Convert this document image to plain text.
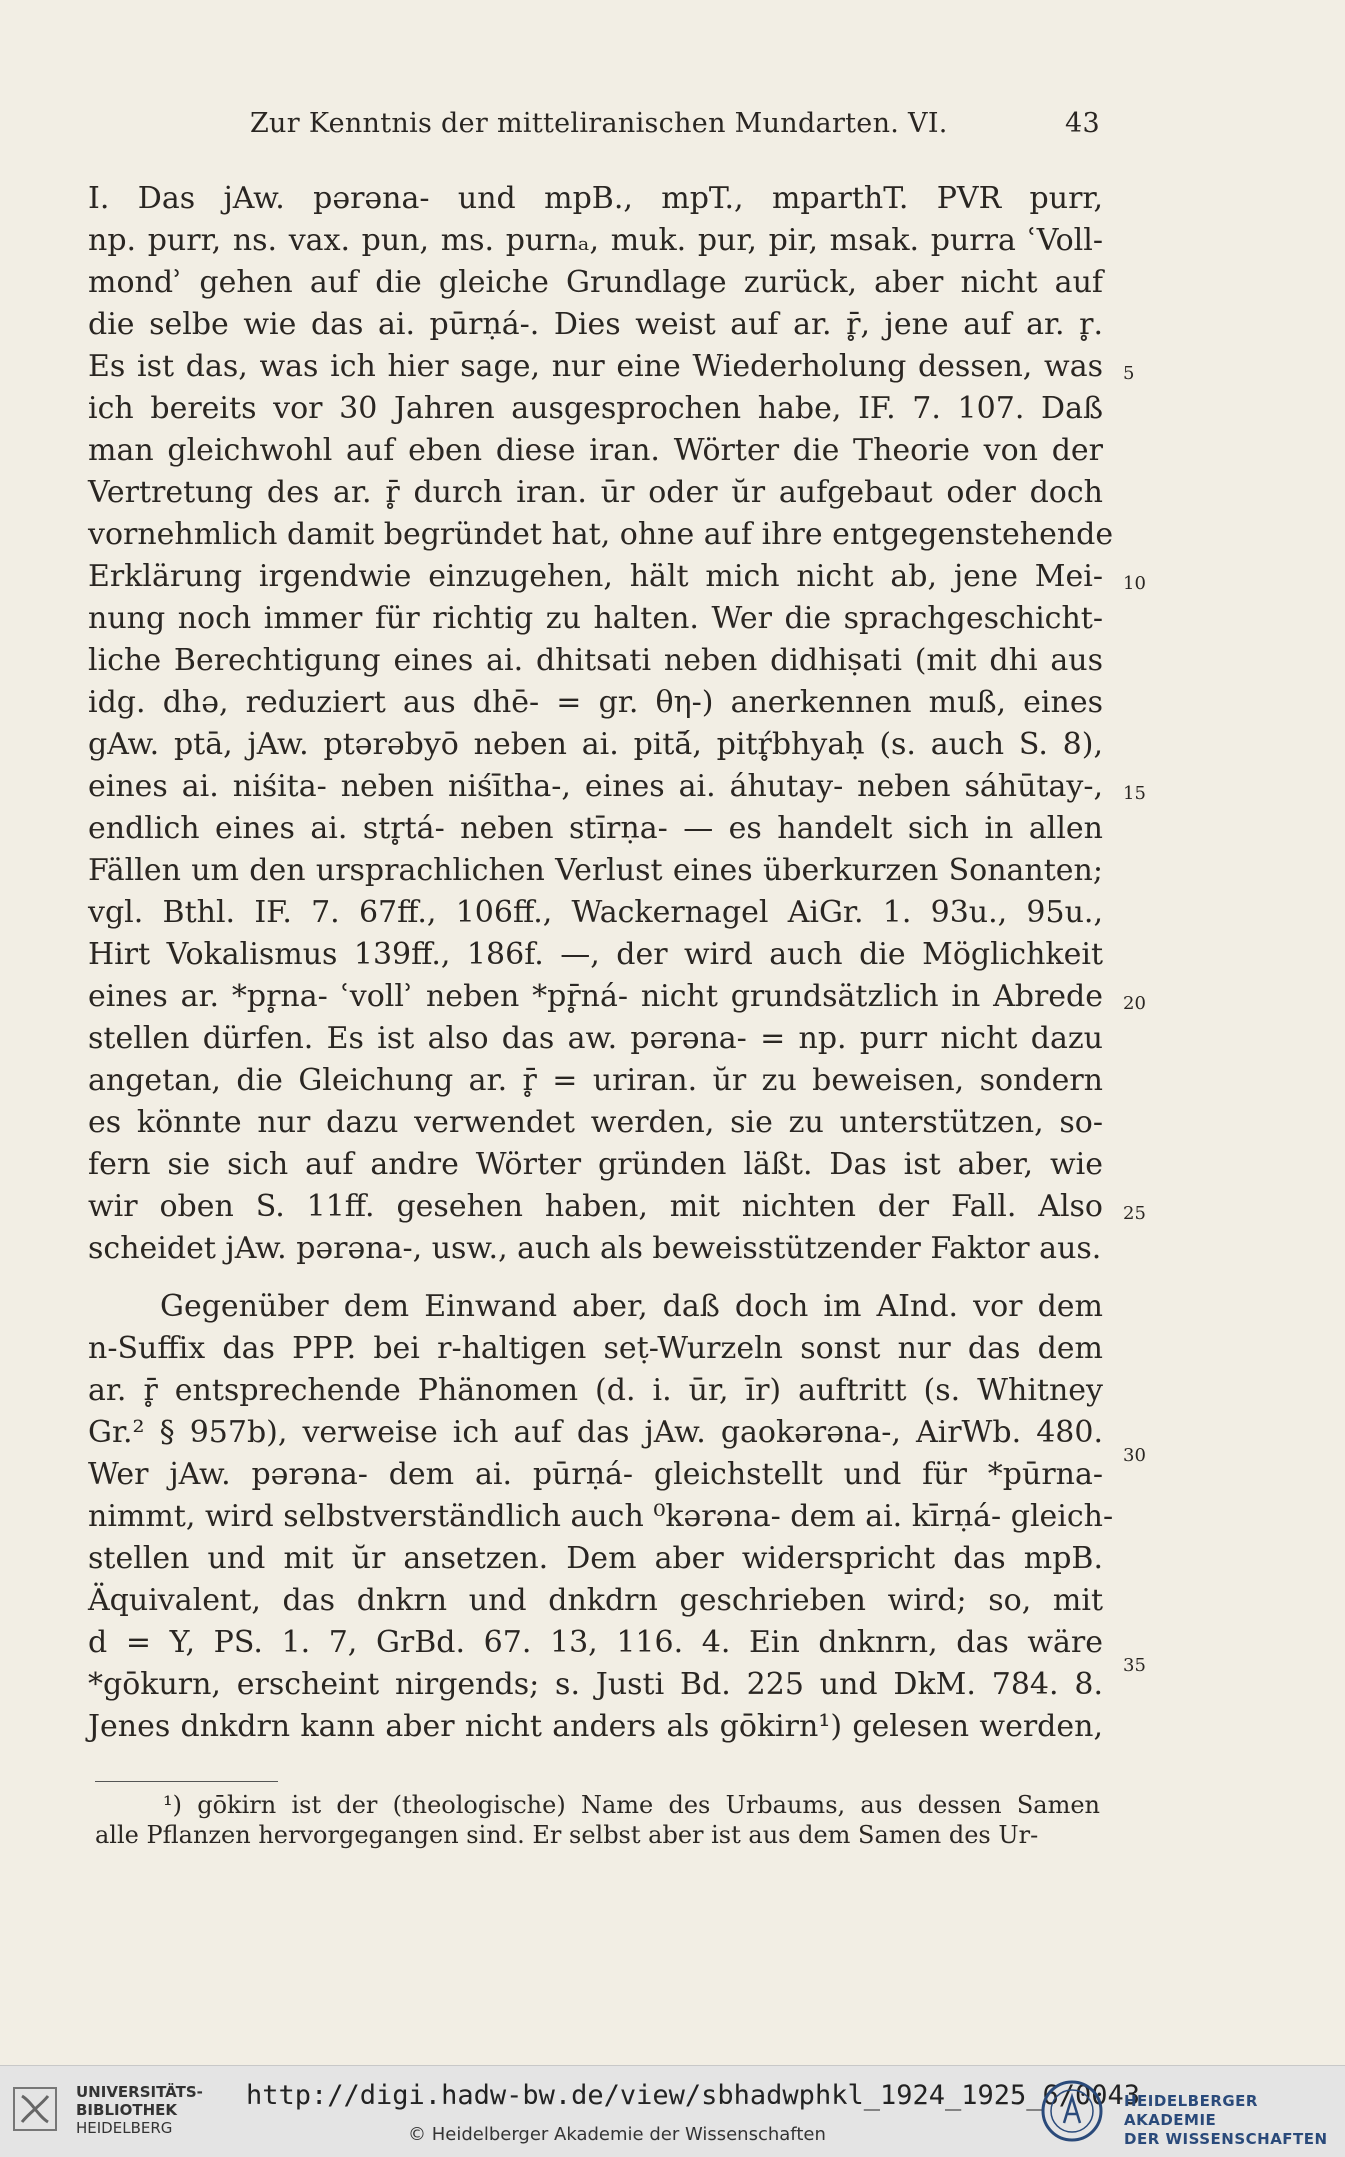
Zur Kenntnis der mitteliranischen Mundarten. VI.	43
I. Das jAw. pərəna- und mpB., mpT., mparthT. PVR purr,
np. purr, ns. vax. pun, ms. purnₐ, muk. pur, pir, msak. purra ʿVoll-
mondʾ gehen auf die gleiche Grundlage zurück, aber nicht auf
die selbe wie das ai. pūrṇá-. Dies weist auf ar. r̥̄, jene auf ar. r̥.
Es ist das, was ich hier sage, nur eine Wiederholung dessen, was
ich bereits vor 30 Jahren ausgesprochen habe, IF. 7. 107. Daß
man gleichwohl auf eben diese iran. Wörter die Theorie von der
Vertretung des ar. r̥̄ durch iran. ūr oder ŭr aufgebaut oder doch
vornehmlich damit begründet hat, ohne auf ihre entgegenstehende
Erklärung irgendwie einzugehen, hält mich nicht ab, jene Mei-
nung noch immer für richtig zu halten. Wer die sprachgeschicht-
liche Berechtigung eines ai. dhitsati neben didhiṣati (mit dhi aus
idg. dhə, reduziert aus dhē- = gr. θη-) anerkennen muß, eines
gAw. ptā, jAw. ptərəbyō neben ai. pitā́, pitŕ̥bhyaḥ (s. auch S. 8),
eines ai. niśita- neben niśītha-, eines ai. áhutay- neben sáhūtay-,
endlich eines ai. str̥tá- neben stīrṇa- — es handelt sich in allen
Fällen um den ursprachlichen Verlust eines überkurzen Sonanten;
vgl. Bthl. IF. 7. 67ff., 106ff., Wackernagel AiGr. 1. 93u., 95u.,
Hirt Vokalismus 139ff., 186f. —, der wird auch die Möglichkeit
eines ar. *pr̥na- ʿvollʾ neben *pr̥̄ná- nicht grundsätzlich in Abrede
stellen dürfen. Es ist also das aw. pərəna- = np. purr nicht dazu
angetan, die Gleichung ar. r̥̄ = uriran. ŭr zu beweisen, sondern
es könnte nur dazu verwendet werden, sie zu unterstützen, so-
fern sie sich auf andre Wörter gründen läßt. Das ist aber, wie
wir oben S. 11ff. gesehen haben, mit nichten der Fall. Also
scheidet jAw. pərəna-, usw., auch als beweisstützender Faktor aus.
Gegenüber dem Einwand aber, daß doch im AInd. vor dem
n-Suffix das PPP. bei r-haltigen seṭ-Wurzeln sonst nur das dem
ar. r̥̄ entsprechende Phänomen (d. i. ūr, īr) auftritt (s. Whitney
Gr.² § 957b), verweise ich auf das jAw. gaokərəna-, AirWb. 480.
Wer jAw. pərəna- dem ai. pūrṇá- gleichstellt und für *pūrna-
nimmt, wird selbstverständlich auch ⁰kərəna- dem ai. kīrṇá- gleich-
stellen und mit ŭr ansetzen. Dem aber widerspricht das mpB.
Äquivalent, das dnkrn und dnkdrn geschrieben wird; so, mit
d = Y, PS. 1. 7, GrBd. 67. 13, 116. 4. Ein dnknrn, das wäre
*gōkurn, erscheint nirgends; s. Justi Bd. 225 und DkM. 784. 8.
Jenes dnkdrn kann aber nicht anders als gōkirn¹) gelesen werden,
5
10
15
20
25
30
35
¹) gōkirn ist der (theologische) Name des Urbaums, aus dessen Samen
alle Pflanzen hervorgegangen sind. Er selbst aber ist aus dem Samen des Ur-
UNIVERSITÄTS-
BIBLIOTHEK
HEIDELBERG
http://digi.hadw-bw.de/view/sbhadwphkl_1924_1925_6/0043
© Heidelberger Akademie der Wissenschaften
HEIDELBERGER AKADEMIE
DER WISSENSCHAFTEN
